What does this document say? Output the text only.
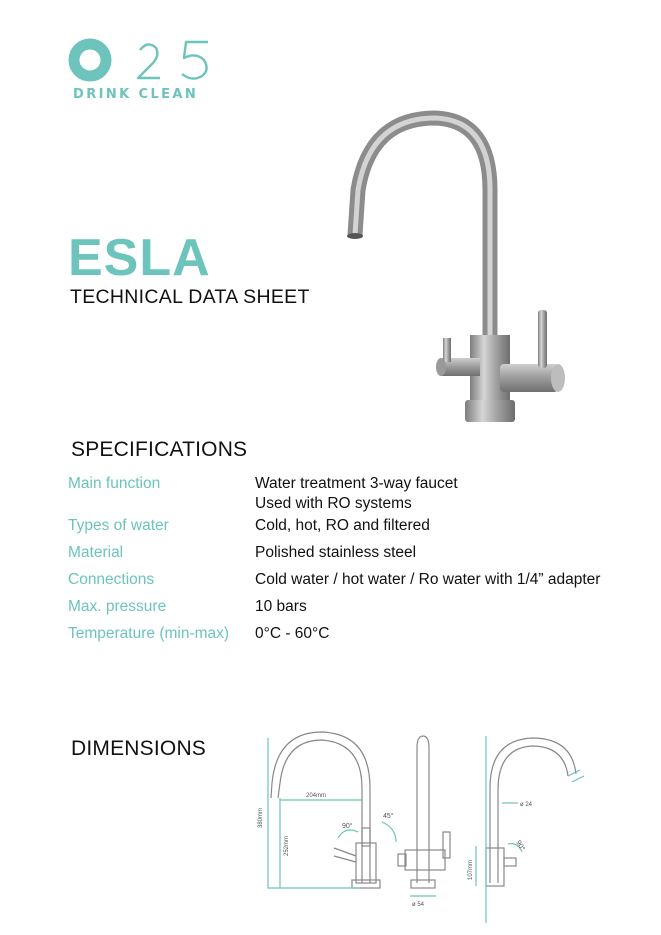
DRINK CLEAN
ESLA
TECHNICAL DATA SHEET
SPECIFICATIONS
Main function	Water treatment 3-way faucet
Used with RO systems
Types of water	Cold, hot, RO and filtered
Material	Polished stainless steel
Connections	Cold water / hot water / Ro water with 1/4” adapter
Max. pressure	10 bars
Temperature (min-max)	0°C - 60°C
DIMENSIONS
204mm
380mm
252mm
90°
45°
ø 54
ø 24
107mm
90°
